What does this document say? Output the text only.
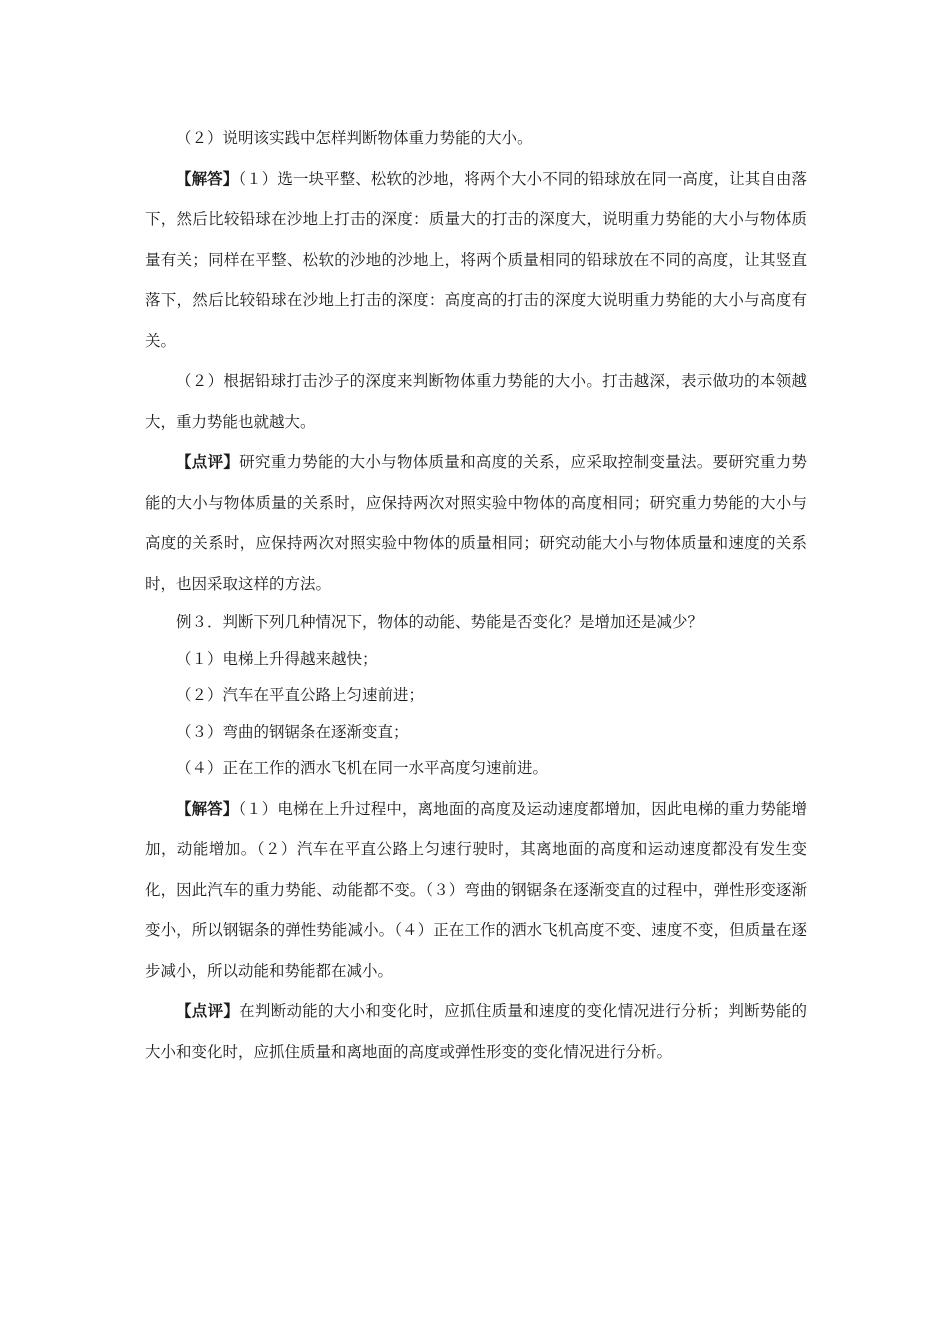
（２）说明该实践中怎样判断物体重力势能的大小。

【解答】（１）选一块平整、松软的沙地，将两个大小不同的铅球放在同一高度，让其自由落下，然后比较铅球在沙地上打击的深度：质量大的打击的深度大，说明重力势能的大小与物体质量有关；同样在平整、松软的沙地的沙地上，将两个质量相同的铅球放在不同的高度，让其竖直落下，然后比较铅球在沙地上打击的深度：高度高的打击的深度大说明重力势能的大小与高度有关。

（２）根据铅球打击沙子的深度来判断物体重力势能的大小。打击越深，表示做功的本领越大，重力势能也就越大。

【点评】研究重力势能的大小与物体质量和高度的关系，应采取控制变量法。要研究重力势能的大小与物体质量的关系时，应保持两次对照实验中物体的高度相同；研究重力势能的大小与高度的关系时，应保持两次对照实验中物体的质量相同；研究动能大小与物体质量和速度的关系时，也因采取这样的方法。

例３．判断下列几种情况下，物体的动能、势能是否变化？是增加还是减少？

（１）电梯上升得越来越快；

（２）汽车在平直公路上匀速前进；

（３）弯曲的钢锯条在逐渐变直；

（４）正在工作的洒水飞机在同一水平高度匀速前进。

【解答】（１）电梯在上升过程中，离地面的高度及运动速度都增加，因此电梯的重力势能增加，动能增加。（２）汽车在平直公路上匀速行驶时，其离地面的高度和运动速度都没有发生变化，因此汽车的重力势能、动能都不变。（３）弯曲的钢锯条在逐渐变直的过程中，弹性形变逐渐变小，所以钢锯条的弹性势能减小。（４）正在工作的洒水飞机高度不变、速度不变，但质量在逐步减小，所以动能和势能都在减小。

【点评】在判断动能的大小和变化时，应抓住质量和速度的变化情况进行分析；判断势能的大小和变化时，应抓住质量和离地面的高度或弹性形变的变化情况进行分析。
